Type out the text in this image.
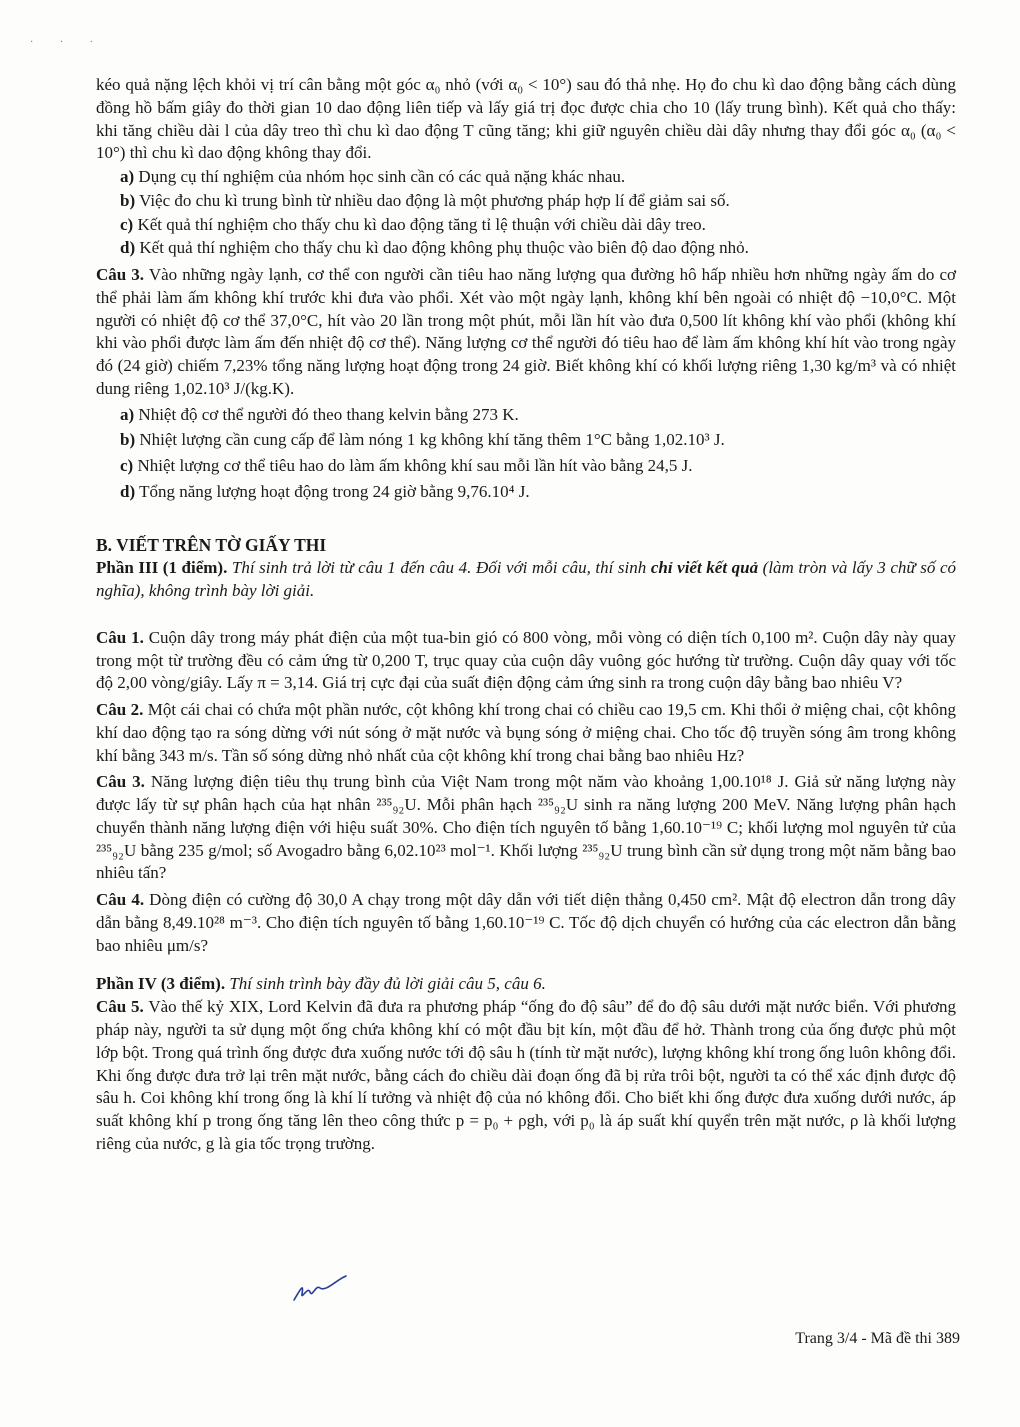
· · ·

kéo quả nặng lệch khỏi vị trí cân bằng một góc α₀ nhỏ (với α₀ < 10°) sau đó thả nhẹ. Họ đo chu kì dao động bằng cách dùng đồng hồ bấm giây đo thời gian 10 dao động liên tiếp và lấy giá trị đọc được chia cho 10 (lấy trung bình). Kết quả cho thấy: khi tăng chiều dài l của dây treo thì chu kì dao động T cũng tăng; khi giữ nguyên chiều dài dây nhưng thay đổi góc α₀ (α₀ < 10°) thì chu kì dao động không thay đổi.

a) Dụng cụ thí nghiệm của nhóm học sinh cần có các quả nặng khác nhau.

b) Việc đo chu kì trung bình từ nhiều dao động là một phương pháp hợp lí để giảm sai số.

c) Kết quả thí nghiệm cho thấy chu kì dao động tăng tỉ lệ thuận với chiều dài dây treo.

d) Kết quả thí nghiệm cho thấy chu kì dao động không phụ thuộc vào biên độ dao động nhỏ.

Câu 3. Vào những ngày lạnh, cơ thể con người cần tiêu hao năng lượng qua đường hô hấp nhiều hơn những ngày ấm do cơ thể phải làm ấm không khí trước khi đưa vào phổi. Xét vào một ngày lạnh, không khí bên ngoài có nhiệt độ −10,0°C. Một người có nhiệt độ cơ thể 37,0°C, hít vào 20 lần trong một phút, mỗi lần hít vào đưa 0,500 lít không khí vào phổi (không khí khi vào phổi được làm ấm đến nhiệt độ cơ thể). Năng lượng cơ thể người đó tiêu hao để làm ấm không khí hít vào trong ngày đó (24 giờ) chiếm 7,23% tổng năng lượng hoạt động trong 24 giờ. Biết không khí có khối lượng riêng 1,30 kg/m³ và có nhiệt dung riêng 1,02.10³ J/(kg.K).

a) Nhiệt độ cơ thể người đó theo thang kelvin bằng 273 K.

b) Nhiệt lượng cần cung cấp để làm nóng 1 kg không khí tăng thêm 1°C bằng 1,02.10³ J.

c) Nhiệt lượng cơ thể tiêu hao do làm ấm không khí sau mỗi lần hít vào bằng 24,5 J.

d) Tổng năng lượng hoạt động trong 24 giờ bằng 9,76.10⁴ J.

B. VIẾT TRÊN TỜ GIẤY THI

Phần III (1 điểm). Thí sinh trả lời từ câu 1 đến câu 4. Đối với mỗi câu, thí sinh chỉ viết kết quả (làm tròn và lấy 3 chữ số có nghĩa), không trình bày lời giải.

Câu 1. Cuộn dây trong máy phát điện của một tua-bin gió có 800 vòng, mỗi vòng có diện tích 0,100 m². Cuộn dây này quay trong một từ trường đều có cảm ứng từ 0,200 T, trục quay của cuộn dây vuông góc hướng từ trường. Cuộn dây quay với tốc độ 2,00 vòng/giây. Lấy π = 3,14. Giá trị cực đại của suất điện động cảm ứng sinh ra trong cuộn dây bằng bao nhiêu V?

Câu 2. Một cái chai có chứa một phần nước, cột không khí trong chai có chiều cao 19,5 cm. Khi thổi ở miệng chai, cột không khí dao động tạo ra sóng dừng với nút sóng ở mặt nước và bụng sóng ở miệng chai. Cho tốc độ truyền sóng âm trong không khí bằng 343 m/s. Tần số sóng dừng nhỏ nhất của cột không khí trong chai bằng bao nhiêu Hz?

Câu 3. Năng lượng điện tiêu thụ trung bình của Việt Nam trong một năm vào khoảng 1,00.10¹⁸ J. Giả sử năng lượng này được lấy từ sự phân hạch của hạt nhân ²³⁵₉₂U. Mỗi phân hạch ²³⁵₉₂U sinh ra năng lượng 200 MeV. Năng lượng phân hạch chuyển thành năng lượng điện với hiệu suất 30%. Cho điện tích nguyên tố bằng 1,60.10⁻¹⁹ C; khối lượng mol nguyên tử của ²³⁵₉₂U bằng 235 g/mol; số Avogadro bằng 6,02.10²³ mol⁻¹. Khối lượng ²³⁵₉₂U trung bình cần sử dụng trong một năm bằng bao nhiêu tấn?

Câu 4. Dòng điện có cường độ 30,0 A chạy trong một dây dẫn với tiết diện thẳng 0,450 cm². Mật độ electron dẫn trong dây dẫn bằng 8,49.10²⁸ m⁻³. Cho điện tích nguyên tố bằng 1,60.10⁻¹⁹ C. Tốc độ dịch chuyển có hướng của các electron dẫn bằng bao nhiêu μm/s?

Phần IV (3 điểm). Thí sinh trình bày đầy đủ lời giải câu 5, câu 6.

Câu 5. Vào thế kỷ XIX, Lord Kelvin đã đưa ra phương pháp “ống đo độ sâu” để đo độ sâu dưới mặt nước biển. Với phương pháp này, người ta sử dụng một ống chứa không khí có một đầu bịt kín, một đầu để hở. Thành trong của ống được phủ một lớp bột. Trong quá trình ống được đưa xuống nước tới độ sâu h (tính từ mặt nước), lượng không khí trong ống luôn không đổi. Khi ống được đưa trở lại trên mặt nước, bằng cách đo chiều dài đoạn ống đã bị rửa trôi bột, người ta có thể xác định được độ sâu h. Coi không khí trong ống là khí lí tưởng và nhiệt độ của nó không đổi. Cho biết khi ống được đưa xuống dưới nước, áp suất không khí p trong ống tăng lên theo công thức p = p₀ + ρgh, với p₀ là áp suất khí quyển trên mặt nước, ρ là khối lượng riêng của nước, g là gia tốc trọng trường.

Trang 3/4 - Mã đề thi 389
